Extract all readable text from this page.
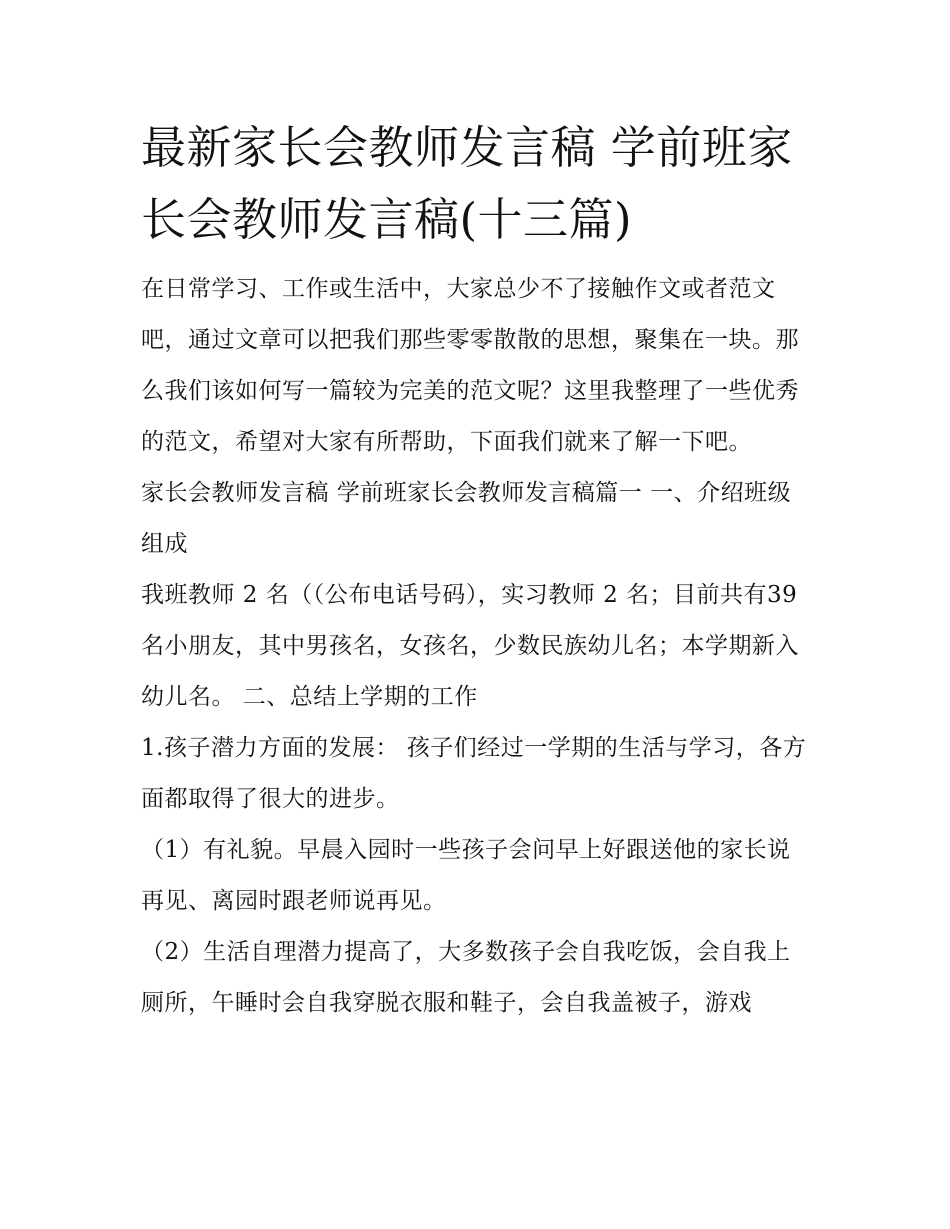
最新家长会教师发言稿 学前班家长会教师发言稿(十三篇)

在日常学习、工作或生活中，大家总少不了接触作文或者范文吧，通过文章可以把我们那些零零散散的思想，聚集在一块。那么我们该如何写一篇较为完美的范文呢？这里我整理了一些优秀的范文，希望对大家有所帮助，下面我们就来了解一下吧。

家长会教师发言稿 学前班家长会教师发言稿篇一 一、介绍班级组成

我班教师 2 名（（公布电话号码），实习教师 2 名；目前共有39 名小朋友，其中男孩名，女孩名，少数民族幼儿名；本学期新入幼儿名。 二、总结上学期的工作

1.孩子潜力方面的发展： 孩子们经过一学期的生活与学习，各方面都取得了很大的进步。

（1）有礼貌。早晨入园时一些孩子会问早上好跟送他的家长说再见、离园时跟老师说再见。

（2）生活自理潜力提高了，大多数孩子会自我吃饭，会自我上厕所，午睡时会自我穿脱衣服和鞋子，会自我盖被子，游戏
